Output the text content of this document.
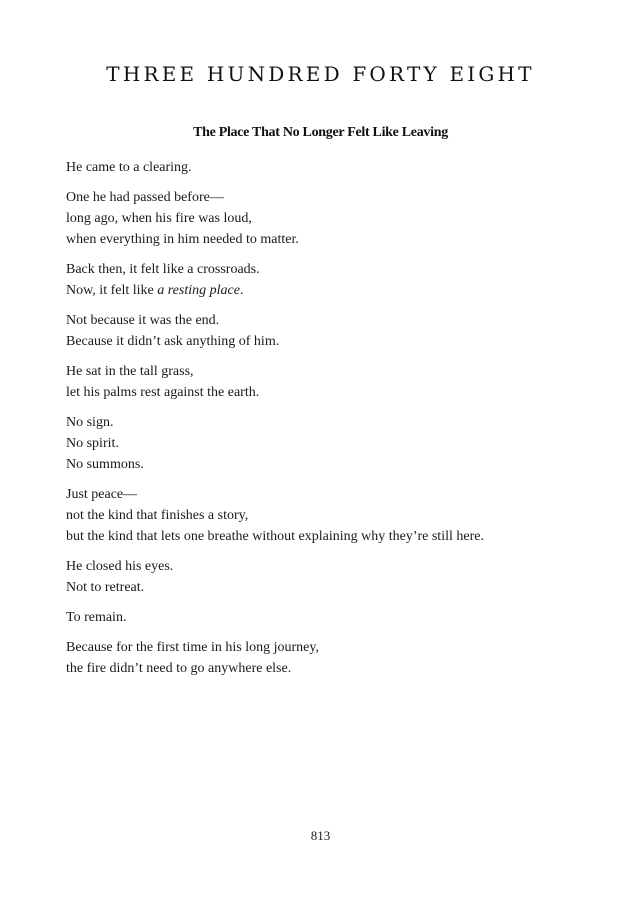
THREE HUNDRED FORTY EIGHT
The Place That No Longer Felt Like Leaving

He came to a clearing.

One he had passed before—
long ago, when his fire was loud,
when everything in him needed to matter.

Back then, it felt like a crossroads.
Now, it felt like a resting place.

Not because it was the end.
Because it didn’t ask anything of him.

He sat in the tall grass,
let his palms rest against the earth.

No sign.
No spirit.
No summons.

Just peace—
not the kind that finishes a story,
but the kind that lets one breathe without explaining why they’re still here.

He closed his eyes.
Not to retreat.

To remain.

Because for the first time in his long journey,
the fire didn’t need to go anywhere else.

813
